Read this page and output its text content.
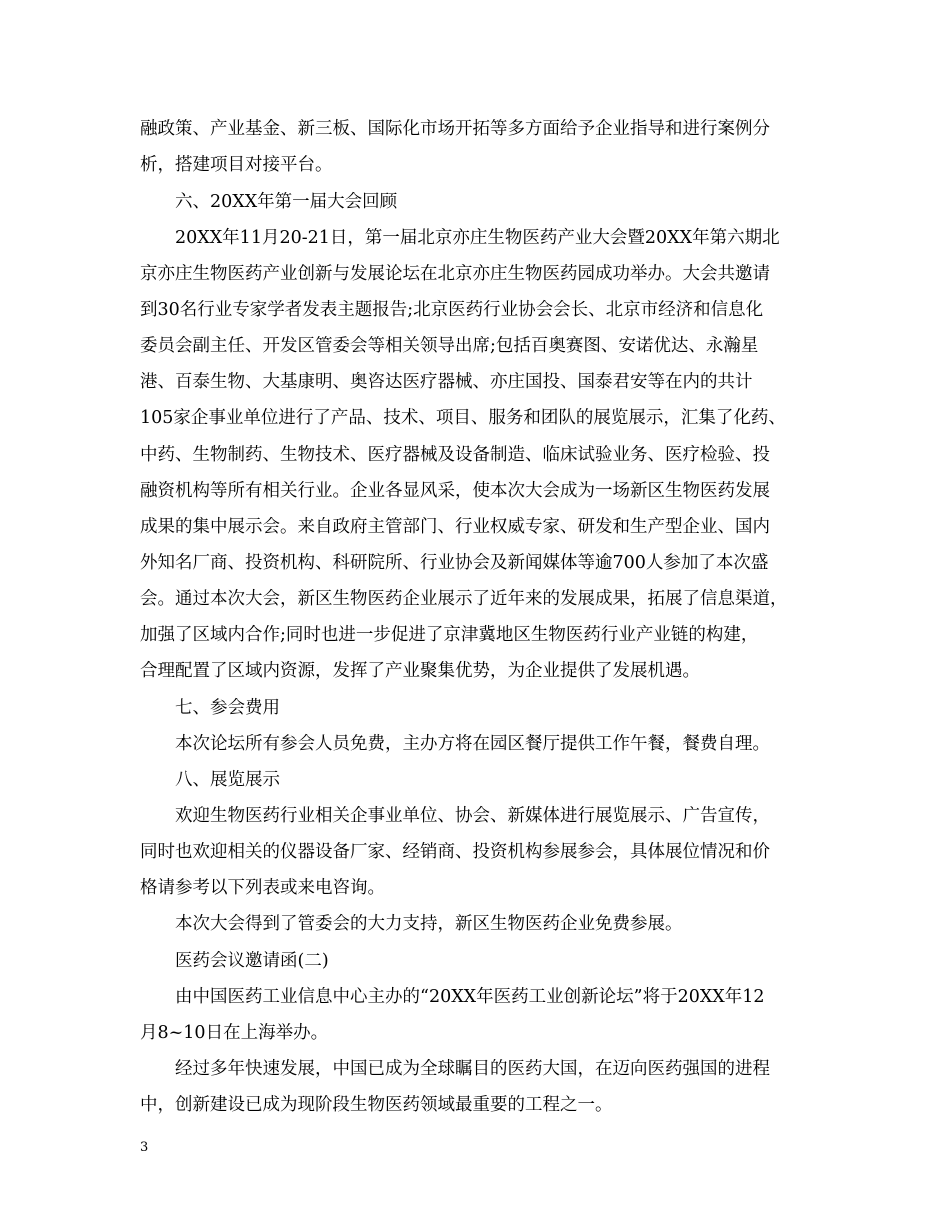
融政策、产业基金、新三板、国际化市场开拓等多方面给予企业指导和进行案例分
析，搭建项目对接平台。
六、20XX年第一届大会回顾
20XX年11月20-21日，第一届北京亦庄生物医药产业大会暨20XX年第六期北
京亦庄生物医药产业创新与发展论坛在北京亦庄生物医药园成功举办。大会共邀请
到30名行业专家学者发表主题报告;北京医药行业协会会长、北京市经济和信息化
委员会副主任、开发区管委会等相关领导出席;包括百奥赛图、安诺优达、永瀚星
港、百泰生物、大基康明、奥咨达医疗器械、亦庄国投、国泰君安等在内的共计
105家企事业单位进行了产品、技术、项目、服务和团队的展览展示，汇集了化药、
中药、生物制药、生物技术、医疗器械及设备制造、临床试验业务、医疗检验、投
融资机构等所有相关行业。企业各显风采，使本次大会成为一场新区生物医药发展
成果的集中展示会。来自政府主管部门、行业权威专家、研发和生产型企业、国内
外知名厂商、投资机构、科研院所、行业协会及新闻媒体等逾700人参加了本次盛
会。通过本次大会，新区生物医药企业展示了近年来的发展成果，拓展了信息渠道，
加强了区域内合作;同时也进一步促进了京津冀地区生物医药行业产业链的构建，
合理配置了区域内资源，发挥了产业聚集优势，为企业提供了发展机遇。
七、参会费用
本次论坛所有参会人员免费，主办方将在园区餐厅提供工作午餐，餐费自理。
八、展览展示
欢迎生物医药行业相关企事业单位、协会、新媒体进行展览展示、广告宣传，
同时也欢迎相关的仪器设备厂家、经销商、投资机构参展参会，具体展位情况和价
格请参考以下列表或来电咨询。
本次大会得到了管委会的大力支持，新区生物医药企业免费参展。
医药会议邀请函(二)
由中国医药工业信息中心主办的“20XX年医药工业创新论坛”将于20XX年12
月8~10日在上海举办。
经过多年快速发展，中国已成为全球瞩目的医药大国，在迈向医药强国的进程
中，创新建设已成为现阶段生物医药领域最重要的工程之一。
3
